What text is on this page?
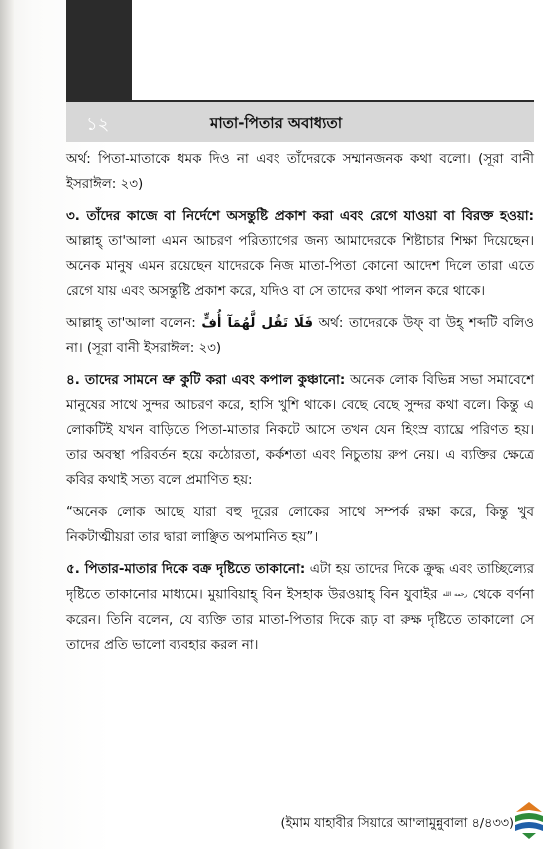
১২	মাতা-পিতার অবাধ্যতা

অর্থ: পিতা-মাতাকে ধমক দিও না এবং তাঁদেরকে সম্মানজনক কথা বলো। (সূরা বানী ইসরাঈল: ২৩)

৩. তাঁদের কাজে বা নির্দেশে অসন্তুষ্টি প্রকাশ করা এবং রেগে যাওয়া বা বিরক্ত হওয়া: আল্লাহ্‌ তা'আলা এমন আচরণ পরিত্যাগের জন্য আমাদেরকে শিষ্টাচার শিক্ষা দিয়েছেন। অনেক মানুষ এমন রয়েছেন যাদেরকে নিজ মাতা-পিতা কোনো আদেশ দিলে তারা এতে রেগে যায় এবং অসন্তুষ্টি প্রকাশ করে, যদিও বা সে তাদের কথা পালন করে থাকে।

আল্লাহ্‌ তা'আলা বলেন: فَلَا تَقُل لَّهُمَآ أُفٍّ অর্থ: তাদেরকে উফ্‌ বা উহ্‌ শব্দটি বলিও না। (সূরা বানী ইসরাঈল: ২৩)

৪. তাদের সামনে ভ্রু কুটি করা এবং কপাল কুঞ্চানো: অনেক লোক বিভিন্ন সভা সমাবেশে মানুষের সাথে সুন্দর আচরণ করে, হাসি খুশি থাকে। বেছে বেছে সুন্দর কথা বলে। কিন্তু এ লোকটিই যখন বাড়িতে পিতা-মাতার নিকটে আসে তখন যেন হিংস্র ব্যাঘ্রে পরিণত হয়। তার অবস্থা পরিবর্তন হয়ে কঠোরতা, কর্কশতা এবং নিচুতায় রুপ নেয়। এ ব্যক্তির ক্ষেত্রে কবির কথাই সত্য বলে প্রমাণিত হয়:

“অনেক লোক আছে যারা বহু দূরের লোকের সাথে সম্পর্ক রক্ষা করে, কিন্তু খুব নিকটাত্মীয়রা তার দ্বারা লাঞ্ছিত অপমানিত হয়”।

৫. পিতার-মাতার দিকে বক্র দৃষ্টিতে তাকানো: এটা হয় তাদের দিকে ক্রুদ্ধ এবং তাচ্ছিল্যের দৃষ্টিতে তাকানোর মাধ্যমে। মুয়াবিয়াহ্‌ বিন ইসহাক উরওয়াহ্‌ বিন যুবাইর رحمه الله থেকে বর্ণনা করেন। তিনি বলেন, যে ব্যক্তি তার মাতা-পিতার দিকে রূঢ় বা রুক্ষ দৃষ্টিতে তাকালো সে তাদের প্রতি ভালো ব্যবহার করল না।

(ইমাম যাহাবীর সিয়ারে আ'লামুন্নুবালা ৪/৪৩৩)
